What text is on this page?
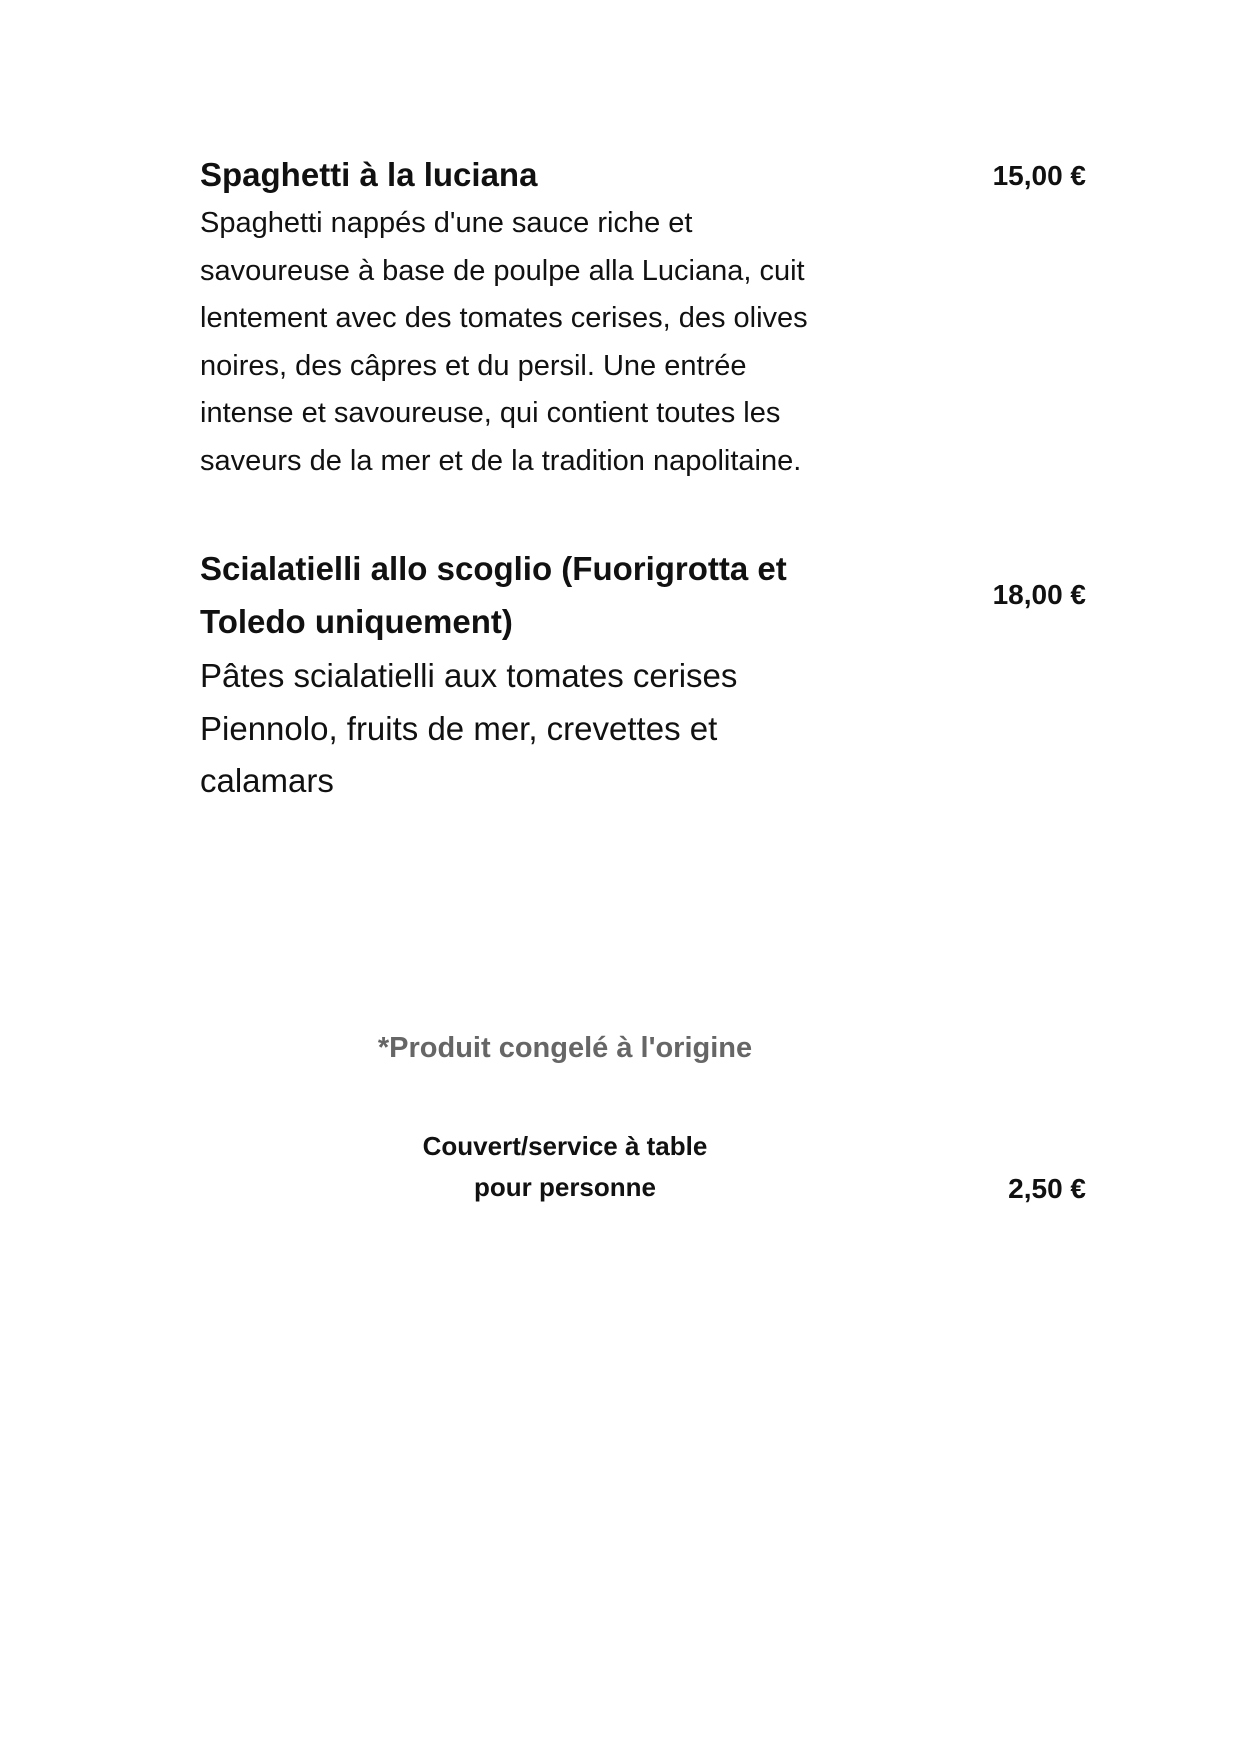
Spaghetti à la luciana	15,00 €
Spaghetti nappés d'une sauce riche et
savoureuse à base de poulpe alla Luciana, cuit
lentement avec des tomates cerises, des olives
noires, des câpres et du persil. Une entrée
intense et savoureuse, qui contient toutes les
saveurs de la mer et de la tradition napolitaine.
Scialatielli allo scoglio (Fuorigrotta et
Toledo uniquement)
18,00 €
Pâtes scialatielli aux tomates cerises
Piennolo, fruits de mer, crevettes et
calamars
*Produit congelé à l'origine
Couvert/service à table
pour personne	2,50 €
